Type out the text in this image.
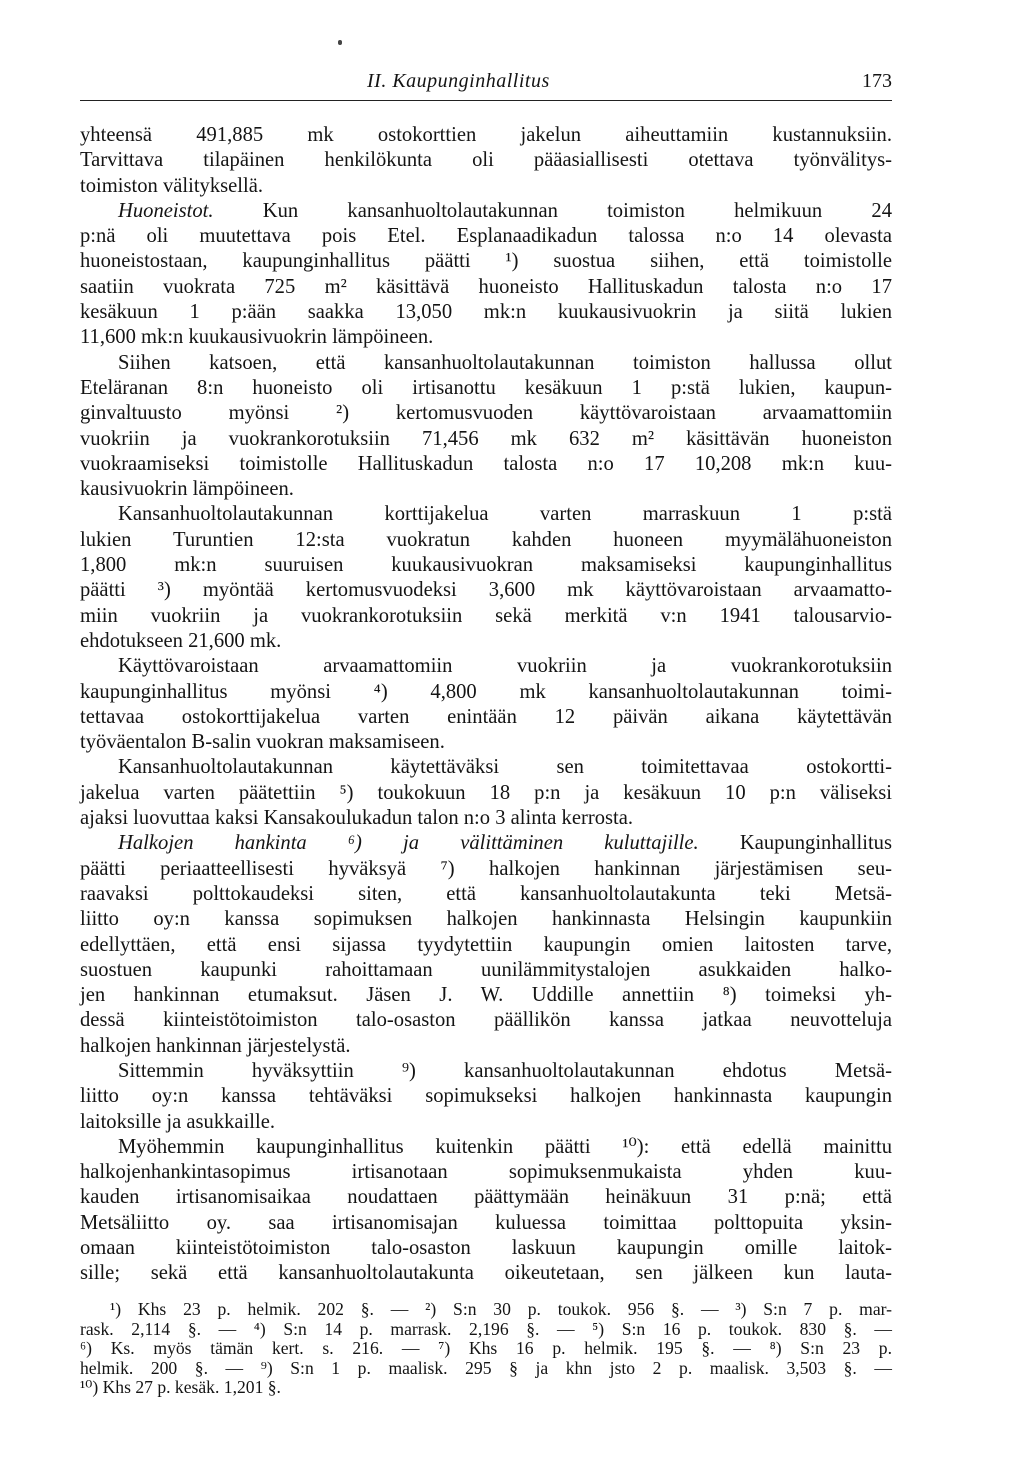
II. Kaupunginhallitus	173
yhteensä 491,885 mk ostokorttien jakelun aiheuttamiin kustannuksiin.
Tarvittava tilapäinen henkilökunta oli pääasiallisesti otettava työnvälitys-
toimiston välityksellä.
Huoneistot. Kun kansanhuoltolautakunnan toimiston helmikuun 24
p:nä oli muutettava pois Etel. Esplanaadikadun talossa n:o 14 olevasta
huoneistostaan, kaupunginhallitus päätti ¹) suostua siihen, että toimistolle
saatiin vuokrata 725 m² käsittävä huoneisto Hallituskadun talosta n:o 17
kesäkuun 1 p:ään saakka 13,050 mk:n kuukausivuokrin ja siitä lukien
11,600 mk:n kuukausivuokrin lämpöineen.
Siihen katsoen, että kansanhuoltolautakunnan toimiston hallussa ollut
Eteläranan 8:n huoneisto oli irtisanottu kesäkuun 1 p:stä lukien, kaupun-
ginvaltuusto myönsi ²) kertomusvuoden käyttövaroistaan arvaamattomiin
vuokriin ja vuokrankorotuksiin 71,456 mk 632 m² käsittävän huoneiston
vuokraamiseksi toimistolle Hallituskadun talosta n:o 17 10,208 mk:n kuu-
kausivuokrin lämpöineen.
Kansanhuoltolautakunnan korttijakelua varten marraskuun 1 p:stä
lukien Turuntien 12:sta vuokratun kahden huoneen myymälähuoneiston
1,800 mk:n suuruisen kuukausivuokran maksamiseksi kaupunginhallitus
päätti ³) myöntää kertomusvuodeksi 3,600 mk käyttövaroistaan arvaamatto-
miin vuokriin ja vuokrankorotuksiin sekä merkitä v:n 1941 talousarvio-
ehdotukseen 21,600 mk.
Käyttövaroistaan arvaamattomiin vuokriin ja vuokrankorotuksiin
kaupunginhallitus myönsi ⁴) 4,800 mk kansanhuoltolautakunnan toimi-
tettavaa ostokorttijakelua varten enintään 12 päivän aikana käytettävän
työväentalon B-salin vuokran maksamiseen.
Kansanhuoltolautakunnan käytettäväksi sen toimitettavaa ostokortti-
jakelua varten päätettiin ⁵) toukokuun 18 p:n ja kesäkuun 10 p:n väliseksi
ajaksi luovuttaa kaksi Kansakoulukadun talon n:o 3 alinta kerrosta.
Halkojen hankinta ⁶) ja välittäminen kuluttajille. Kaupunginhallitus
päätti periaatteellisesti hyväksyä ⁷) halkojen hankinnan järjestämisen seu-
raavaksi polttokaudeksi siten, että kansanhuoltolautakunta teki Metsä-
liitto oy:n kanssa sopimuksen halkojen hankinnasta Helsingin kaupunkiin
edellyttäen, että ensi sijassa tyydytettiin kaupungin omien laitosten tarve,
suostuen kaupunki rahoittamaan uunilämmitystalojen asukkaiden halko-
jen hankinnan etumaksut. Jäsen J. W. Uddille annettiin ⁸) toimeksi yh-
dessä kiinteistötoimiston talo-osaston päällikön kanssa jatkaa neuvotteluja
halkojen hankinnan järjestelystä.
Sittemmin hyväksyttiin ⁹) kansanhuoltolautakunnan ehdotus Metsä-
liitto oy:n kanssa tehtäväksi sopimukseksi halkojen hankinnasta kaupungin
laitoksille ja asukkaille.
Myöhemmin kaupunginhallitus kuitenkin päätti ¹⁰): että edellä mainittu
halkojenhankintasopimus irtisanotaan sopimuksenmukaista yhden kuu-
kauden irtisanomisaikaa noudattaen päättymään heinäkuun 31 p:nä; että
Metsäliitto oy. saa irtisanomisajan kuluessa toimittaa polttopuita yksin-
omaan kiinteistötoimiston talo-osaston laskuun kaupungin omille laitok-
sille; sekä että kansanhuoltolautakunta oikeutetaan, sen jälkeen kun lauta-
¹) Khs 23 p. helmik. 202 §. — ²) S:n 30 p. toukok. 956 §. — ³) S:n 7 p. mar-
rask. 2,114 §. — ⁴) S:n 14 p. marrask. 2,196 §. — ⁵) S:n 16 p. toukok. 830 §. —
⁶) Ks. myös tämän kert. s. 216. — ⁷) Khs 16 p. helmik. 195 §. — ⁸) S:n 23 p.
helmik. 200 §. — ⁹) S:n 1 p. maalisk. 295 § ja khn jsto 2 p. maalisk. 3,503 §. —
¹⁰) Khs 27 p. kesäk. 1,201 §.
